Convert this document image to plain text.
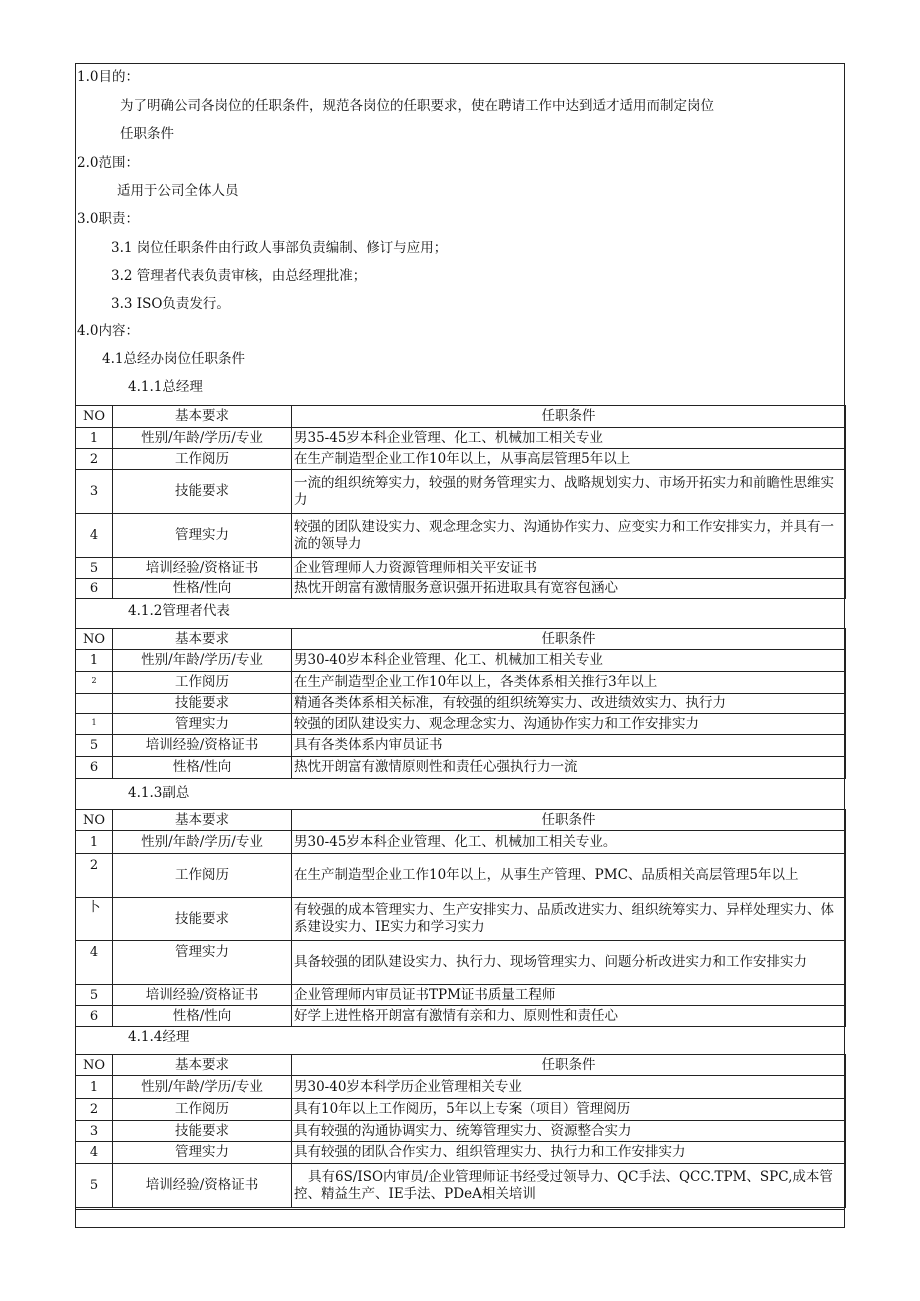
1.0目的：
为了明确公司各岗位的任职条件，规范各岗位的任职要求，使在聘请工作中达到适才适用而制定岗位
任职条件
2.0范围：
适用于公司全体人员
3.0职责：
3.1 岗位任职条件由行政人事部负责编制、修订与应用；
3.2 管理者代表负责审核，由总经理批准；
3.3 ISO负责发行。
4.0内容：
4.1总经办岗位任职条件
4.1.1总经理
NO	基本要求	任职条件
1	性别/年龄/学历/专业	男35-45岁本科企业管理、化工、机械加工相关专业
2	工作阅历	在生产制造型企业工作10年以上，从事高层管理5年以上
3	技能要求	一流的组织统筹实力，较强的财务管理实力、战略规划实力、市场开拓实力和前瞻性思维实力
4	管理实力	较强的团队建设实力、观念理念实力、沟通协作实力、应变实力和工作安排实力，并具有一流的领导力
5	培训经验/资格证书	企业管理师人力资源管理师相关平安证书
6	性格/性向	热忱开朗富有激情服务意识强开拓进取具有宽容包涵心
4.1.2管理者代表
NO	基本要求	任职条件
1	性别/年龄/学历/专业	男30-40岁本科企业管理、化工、机械加工相关专业
2	工作阅历	在生产制造型企业工作10年以上，各类体系相关推行3年以上
	技能要求	精通各类体系相关标准，有较强的组织统筹实力、改进绩效实力、执行力
1	管理实力	较强的团队建设实力、观念理念实力、沟通协作实力和工作安排实力
5	培训经验/资格证书	具有各类体系内审员证书
6	性格/性向	热忱开朗富有激情原则性和责任心强执行力一流
4.1.3副总
NO	基本要求	任职条件
1	性别/年龄/学历/专业	男30-45岁本科企业管理、化工、机械加工相关专业。
2	工作阅历	在生产制造型企业工作10年以上，从事生产管理、PMC、品质相关高层管理5年以上
卜	技能要求	有较强的成本管理实力、生产安排实力、品质改进实力、组织统筹实力、异样处理实力、体系建设实力、IE实力和学习实力
4	管理实力	具备较强的团队建设实力、执行力、现场管理实力、问题分析改进实力和工作安排实力
5	培训经验/资格证书	企业管理师内审员证书TPM证书质量工程师
6	性格/性向	好学上进性格开朗富有激情有亲和力、原则性和责任心
4.1.4经理
NO	基本要求	任职条件
1	性别/年龄/学历/专业	男30-40岁本科学历企业管理相关专业
2	工作阅历	具有10年以上工作阅历，5年以上专案（项目）管理阅历
3	技能要求	具有较强的沟通协调实力、统筹管理实力、资源整合实力
4	管理实力	具有较强的团队合作实力、组织管理实力、执行力和工作安排实力
5	培训经验/资格证书	具有6S/ISO内审员/企业管理师证书经受过领导力、QC手法、QCC.TPM、SPC,成本管控、精益生产、IE手法、PDeA相关培训
